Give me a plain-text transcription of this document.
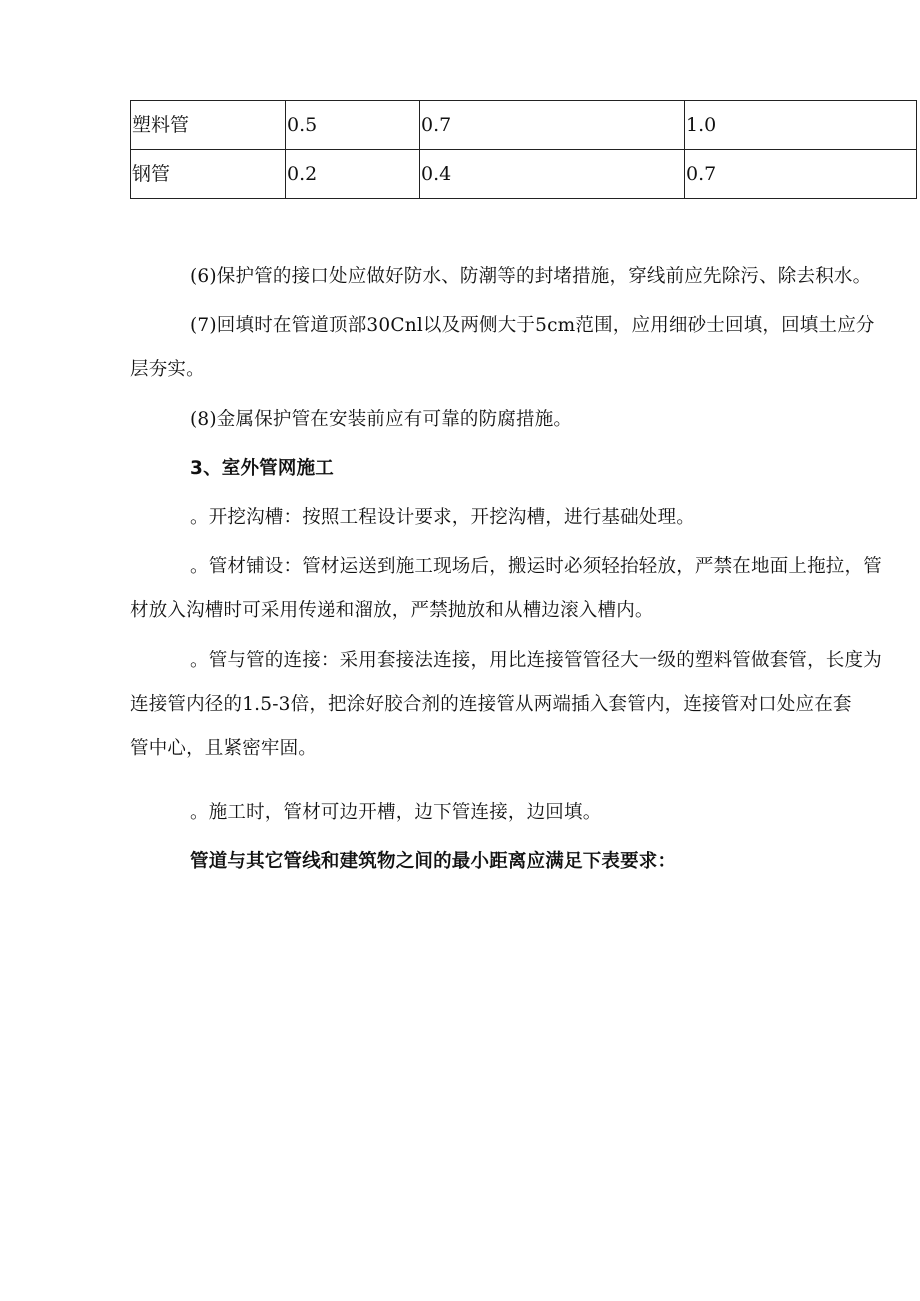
塑料管	0.5	0.7	1.0
钢管	0.2	0.4	0.7

(6)保护管的接口处应做好防水、防潮等的封堵措施，穿线前应先除污、除去积水。

(7)回填时在管道顶部30Cnl以及两侧大于5cm范围，应用细砂士回填，回填土应分
层夯实。

(8)金属保护管在安装前应有可靠的防腐措施。

3、室外管网施工

。开挖沟槽：按照工程设计要求，开挖沟槽，进行基础处理。

。管材铺设：管材运送到施工现场后，搬运时必须轻抬轻放，严禁在地面上拖拉，管
材放入沟槽时可采用传递和溜放，严禁抛放和从槽边滚入槽内。

。管与管的连接：采用套接法连接，用比连接管管径大一级的塑料管做套管，长度为
连接管内径的1.5-3倍，把涂好胶合剂的连接管从两端插入套管内，连接管对口处应在套
管中心，且紧密牢固。

。施工时，管材可边开槽，边下管连接，边回填。

管道与其它管线和建筑物之间的最小距离应满足下表要求：
